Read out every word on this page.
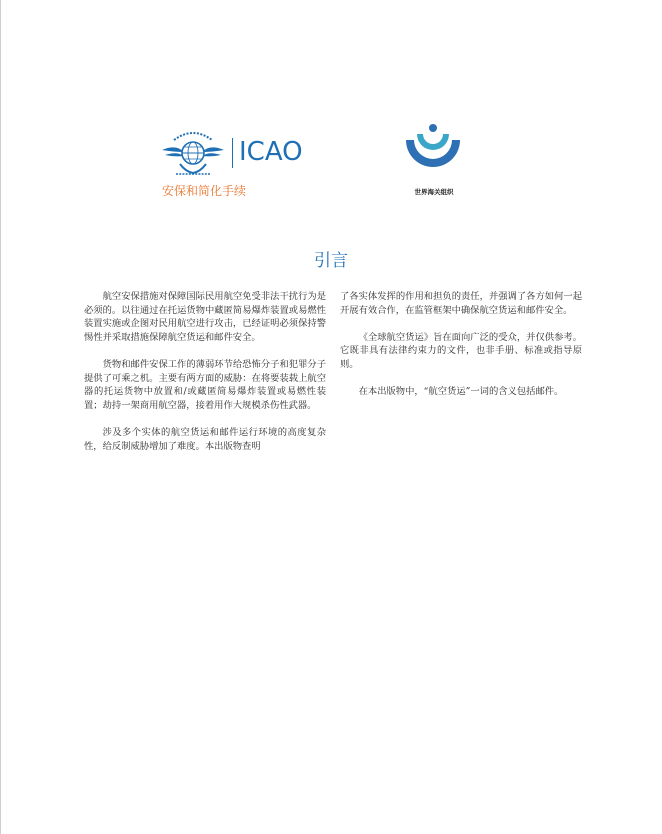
ICAO
安保和简化手续	世界海关组织
引言

航空安保措施对保障国际民用航空免受非法干扰行为是必须的。以往通过在托运货物中藏匿简易爆炸装置或易燃性装置实施或企图对民用航空进行攻击，已经证明必须保持警惕性并采取措施保障航空货运和邮件安全。

货物和邮件安保工作的薄弱环节给恐怖分子和犯罪分子提供了可乘之机。主要有两方面的威胁：在将要装载上航空器的托运货物中放置和/或藏匿简易爆炸装置或易燃性装置；劫持一架商用航空器，接着用作大规模杀伤性武器。

涉及多个实体的航空货运和邮件运行环境的高度复杂性，给反制威胁增加了难度。本出版物查明

了各实体发挥的作用和担负的责任，并强调了各方如何一起开展有效合作，在监管框架中确保航空货运和邮件安全。

《全球航空货运》旨在面向广泛的受众，并仅供参考。它既非具有法律约束力的文件，也非手册、标准或指导原则。

在本出版物中，“航空货运”一词的含义包括邮件。
